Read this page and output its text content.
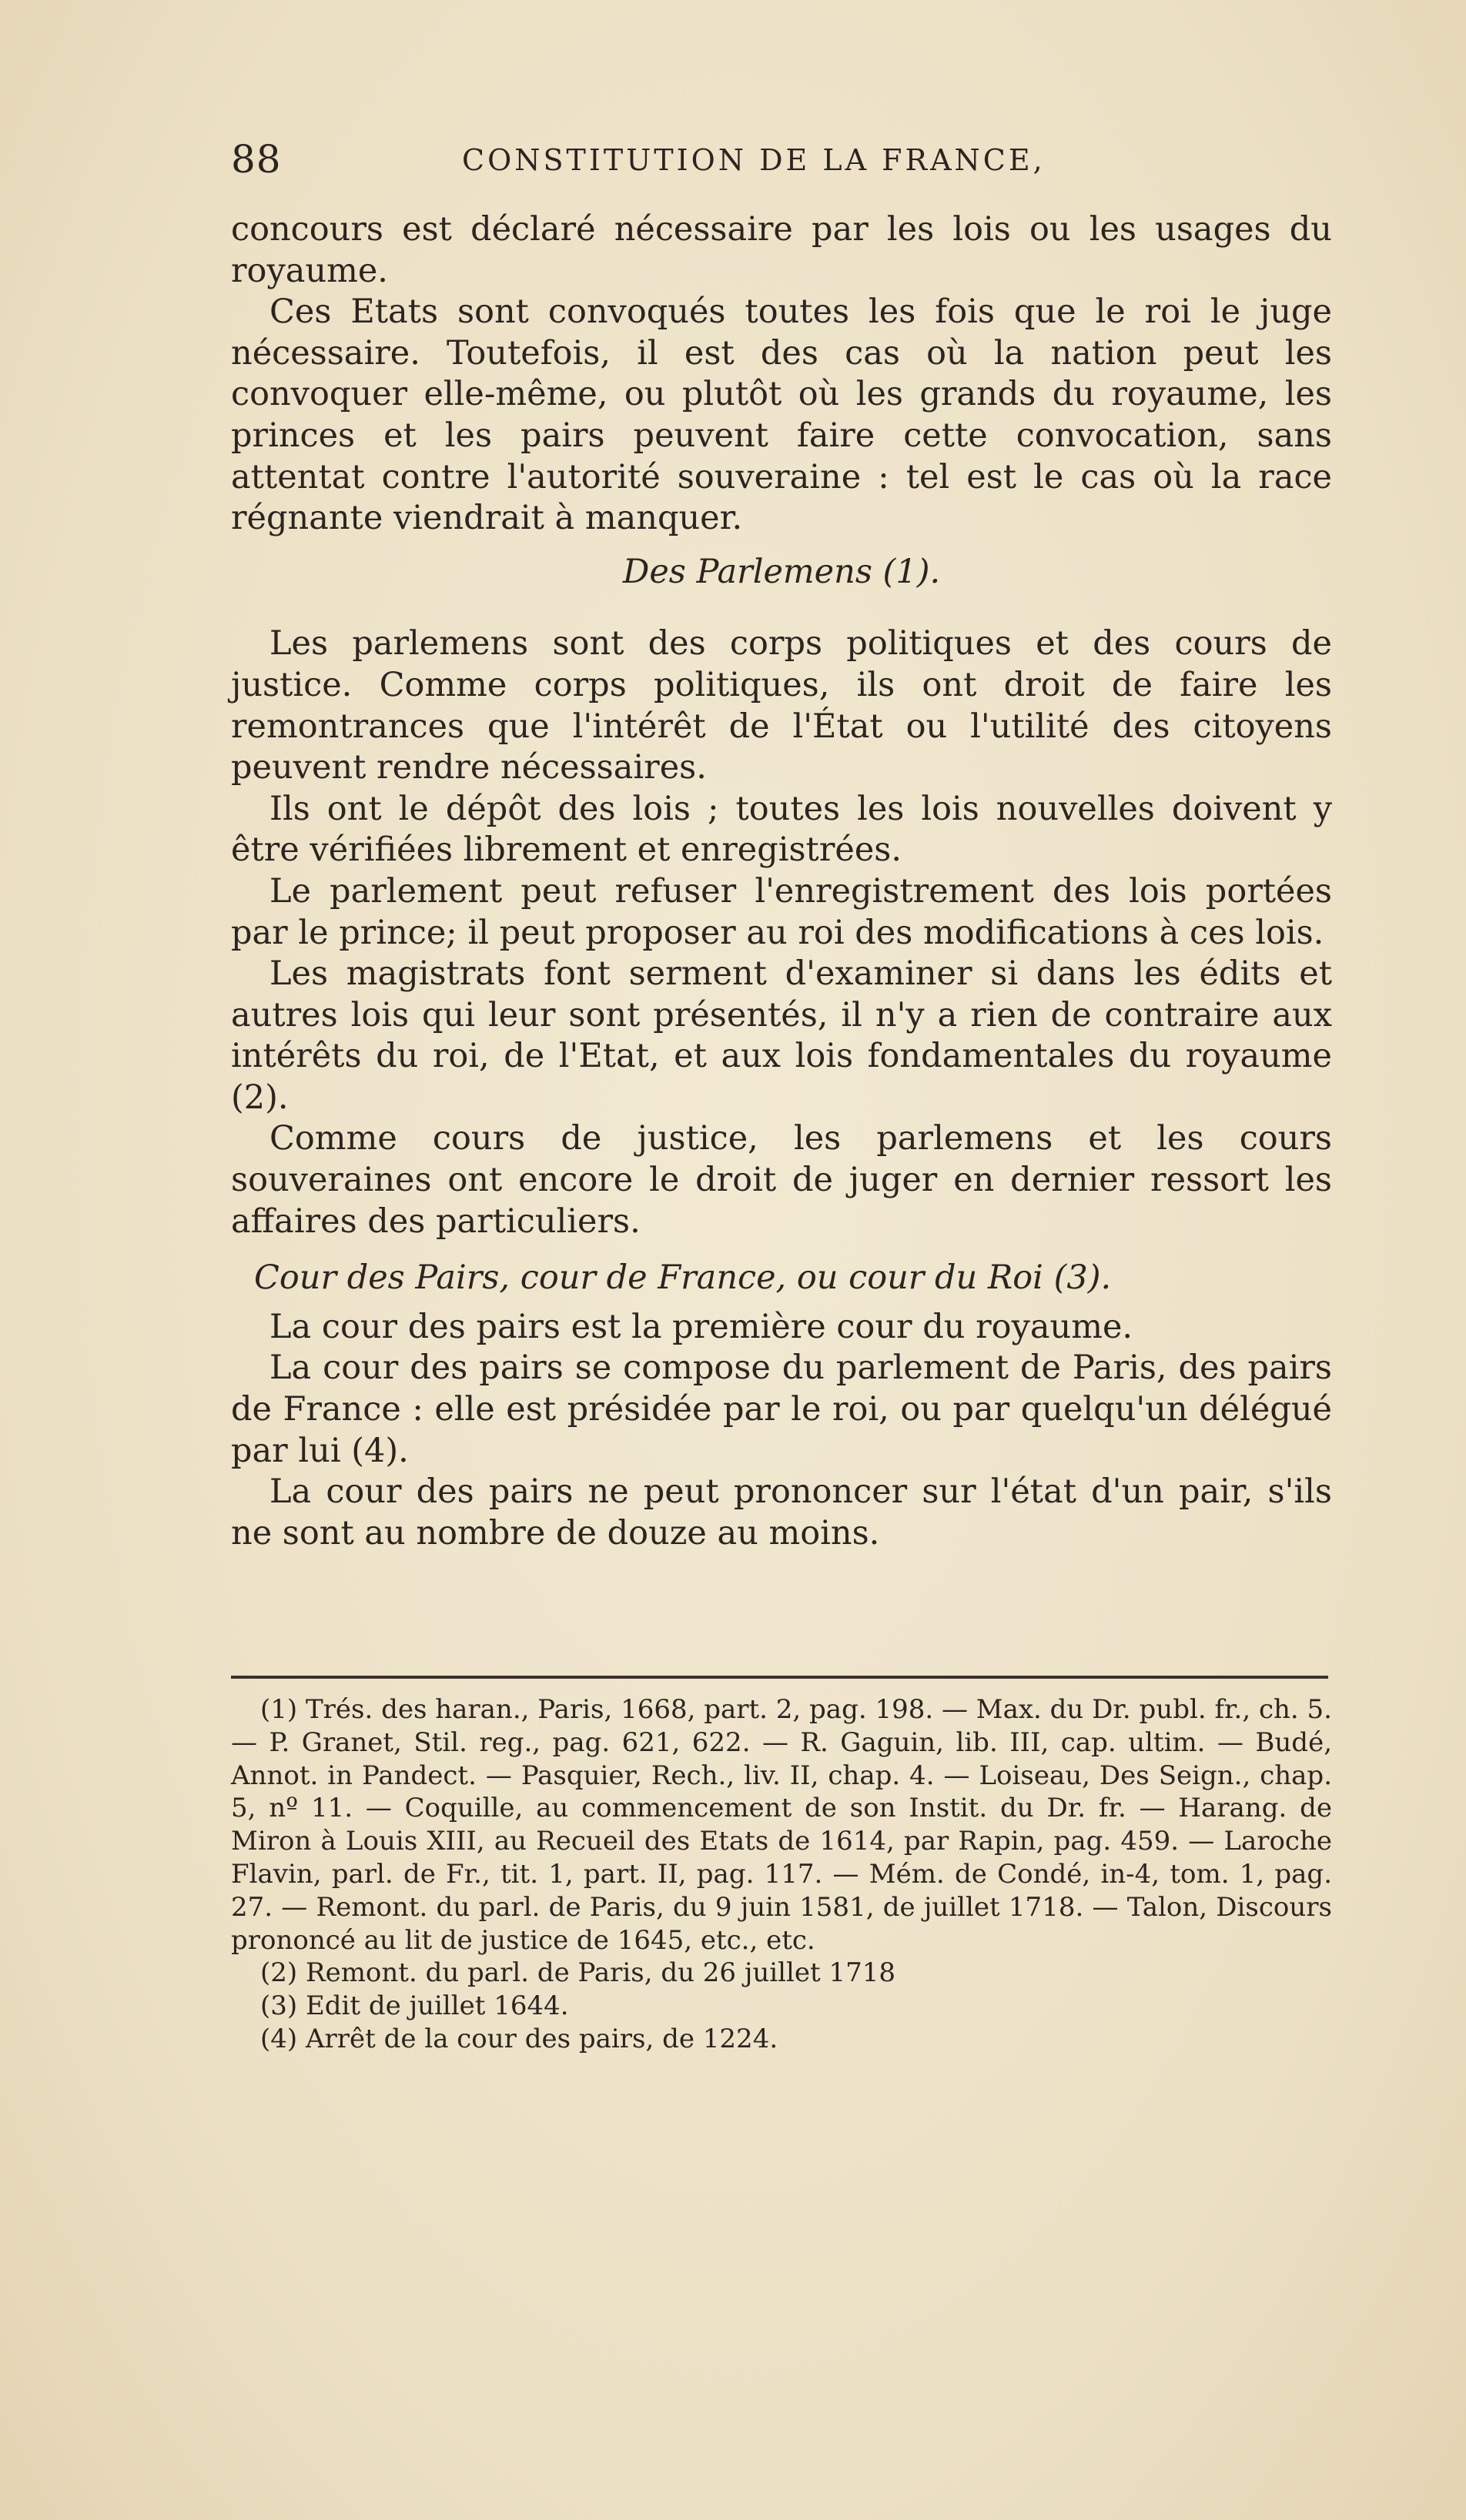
88	CONSTITUTION DE LA FRANCE,

concours est déclaré nécessaire par les lois ou les usages du royaume.

Ces Etats sont convoqués toutes les fois que le roi le juge nécessaire. Toutefois, il est des cas où la nation peut les convoquer elle-même, ou plutôt où les grands du royaume, les princes et les pairs peuvent faire cette convocation, sans attentat contre l'autorité souveraine : tel est le cas où la race régnante viendrait à manquer.

Des Parlemens (1).

Les parlemens sont des corps politiques et des cours de justice. Comme corps politiques, ils ont droit de faire les remontrances que l'intérêt de l'État ou l'utilité des citoyens peuvent rendre nécessaires.

Ils ont le dépôt des lois ; toutes les lois nouvelles doivent y être vérifiées librement et enregistrées.

Le parlement peut refuser l'enregistrement des lois portées par le prince; il peut proposer au roi des modifications à ces lois.

Les magistrats font serment d'examiner si dans les édits et autres lois qui leur sont présentés, il n'y a rien de contraire aux intérêts du roi, de l'Etat, et aux lois fondamentales du royaume (2).

Comme cours de justice, les parlemens et les cours souveraines ont encore le droit de juger en dernier ressort les affaires des particuliers.

Cour des Pairs, cour de France, ou cour du Roi (3).

La cour des pairs est la première cour du royaume.

La cour des pairs se compose du parlement de Paris, des pairs de France : elle est présidée par le roi, ou par quelqu'un délégué par lui (4).

La cour des pairs ne peut prononcer sur l'état d'un pair, s'ils ne sont au nombre de douze au moins.

(1) Trés. des haran., Paris, 1668, part. 2, pag. 198. — Max. du Dr. publ. fr., ch. 5. — P. Granet, Stil. reg., pag. 621, 622. — R. Gaguin, lib. III, cap. ultim. — Budé, Annot. in Pandect. — Pasquier, Rech., liv. II, chap. 4. — Loiseau, Des Seign., chap. 5, nº 11. — Coquille, au commencement de son Instit. du Dr. fr. — Harang. de Miron à Louis XIII, au Recueil des Etats de 1614, par Rapin, pag. 459. — Laroche Flavin, parl. de Fr., tit. 1, part. II, pag. 117. — Mém. de Condé, in-4, tom. 1, pag. 27. — Remont. du parl. de Paris, du 9 juin 1581, de juillet 1718. — Talon, Discours prononcé au lit de justice de 1645, etc., etc.

(2) Remont. du parl. de Paris, du 26 juillet 1718

(3) Edit de juillet 1644.

(4) Arrêt de la cour des pairs, de 1224.
